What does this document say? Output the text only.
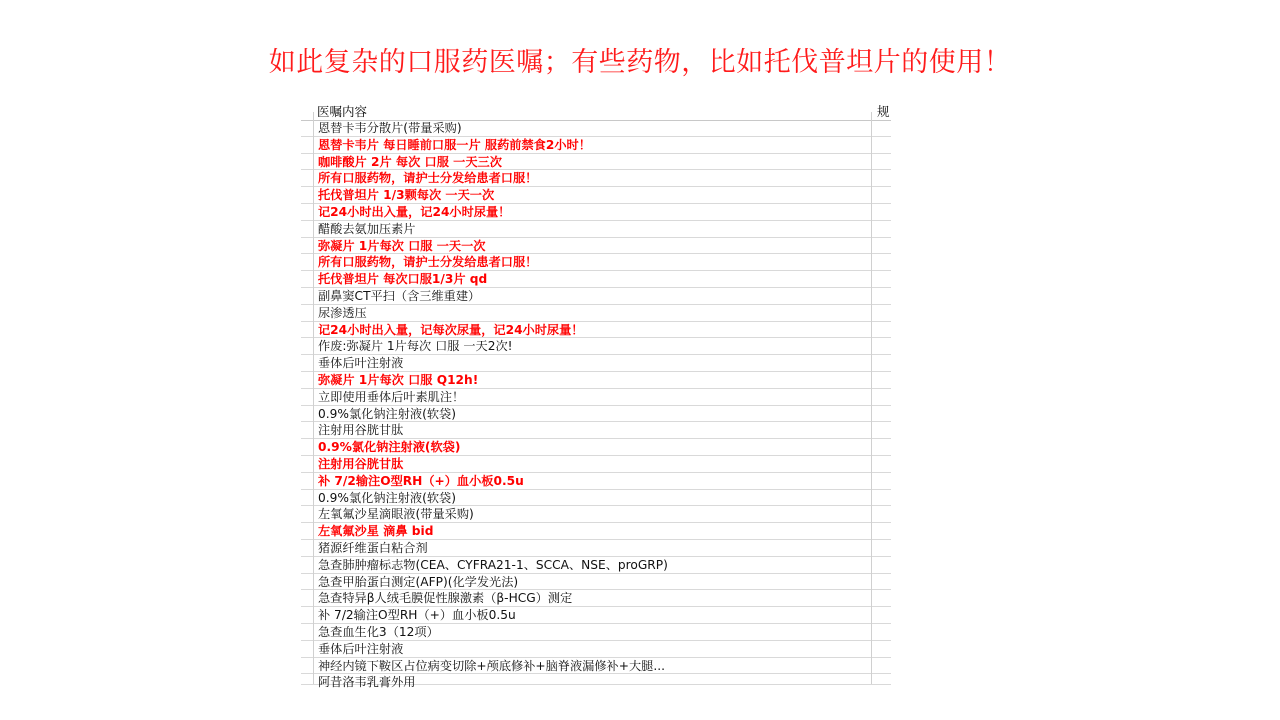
如此复杂的口服药医嘱；有些药物，比如托伐普坦片的使用！
医嘱内容	规
恩替卡韦分散片(带量采购)
恩替卡韦片 每日睡前口服一片 服药前禁食2小时！
咖啡酸片 2片 每次 口服 一天三次
所有口服药物，请护士分发给患者口服！
托伐普坦片 1/3颗每次 一天一次
记24小时出入量，记24小时尿量！
醋酸去氨加压素片
弥凝片 1片每次 口服 一天一次
所有口服药物，请护士分发给患者口服！
托伐普坦片 每次口服1/3片 qd
副鼻窦CT平扫（含三维重建）
尿渗透压
记24小时出入量，记每次尿量，记24小时尿量！
作废:弥凝片 1片每次 口服 一天2次!
垂体后叶注射液
弥凝片 1片每次 口服 Q12h!
立即使用垂体后叶素肌注！
0.9%氯化钠注射液(软袋)
注射用谷胱甘肽
0.9%氯化钠注射液(软袋)
注射用谷胱甘肽
补 7/2输注O型RH（+）血小板0.5u
0.9%氯化钠注射液(软袋)
左氧氟沙星滴眼液(带量采购)
左氧氟沙星 滴鼻 bid
猪源纤维蛋白粘合剂
急查肺肿瘤标志物(CEA、CYFRA21-1、SCCA、NSE、proGRP)
急查甲胎蛋白测定(AFP)(化学发光法)
急查特异β人绒毛膜促性腺激素（β-HCG）测定
补 7/2输注O型RH（+）血小板0.5u
急查血生化3（12项）
垂体后叶注射液
神经内镜下鞍区占位病变切除+颅底修补+脑脊液漏修补+大腿...
阿昔洛韦乳膏外用
